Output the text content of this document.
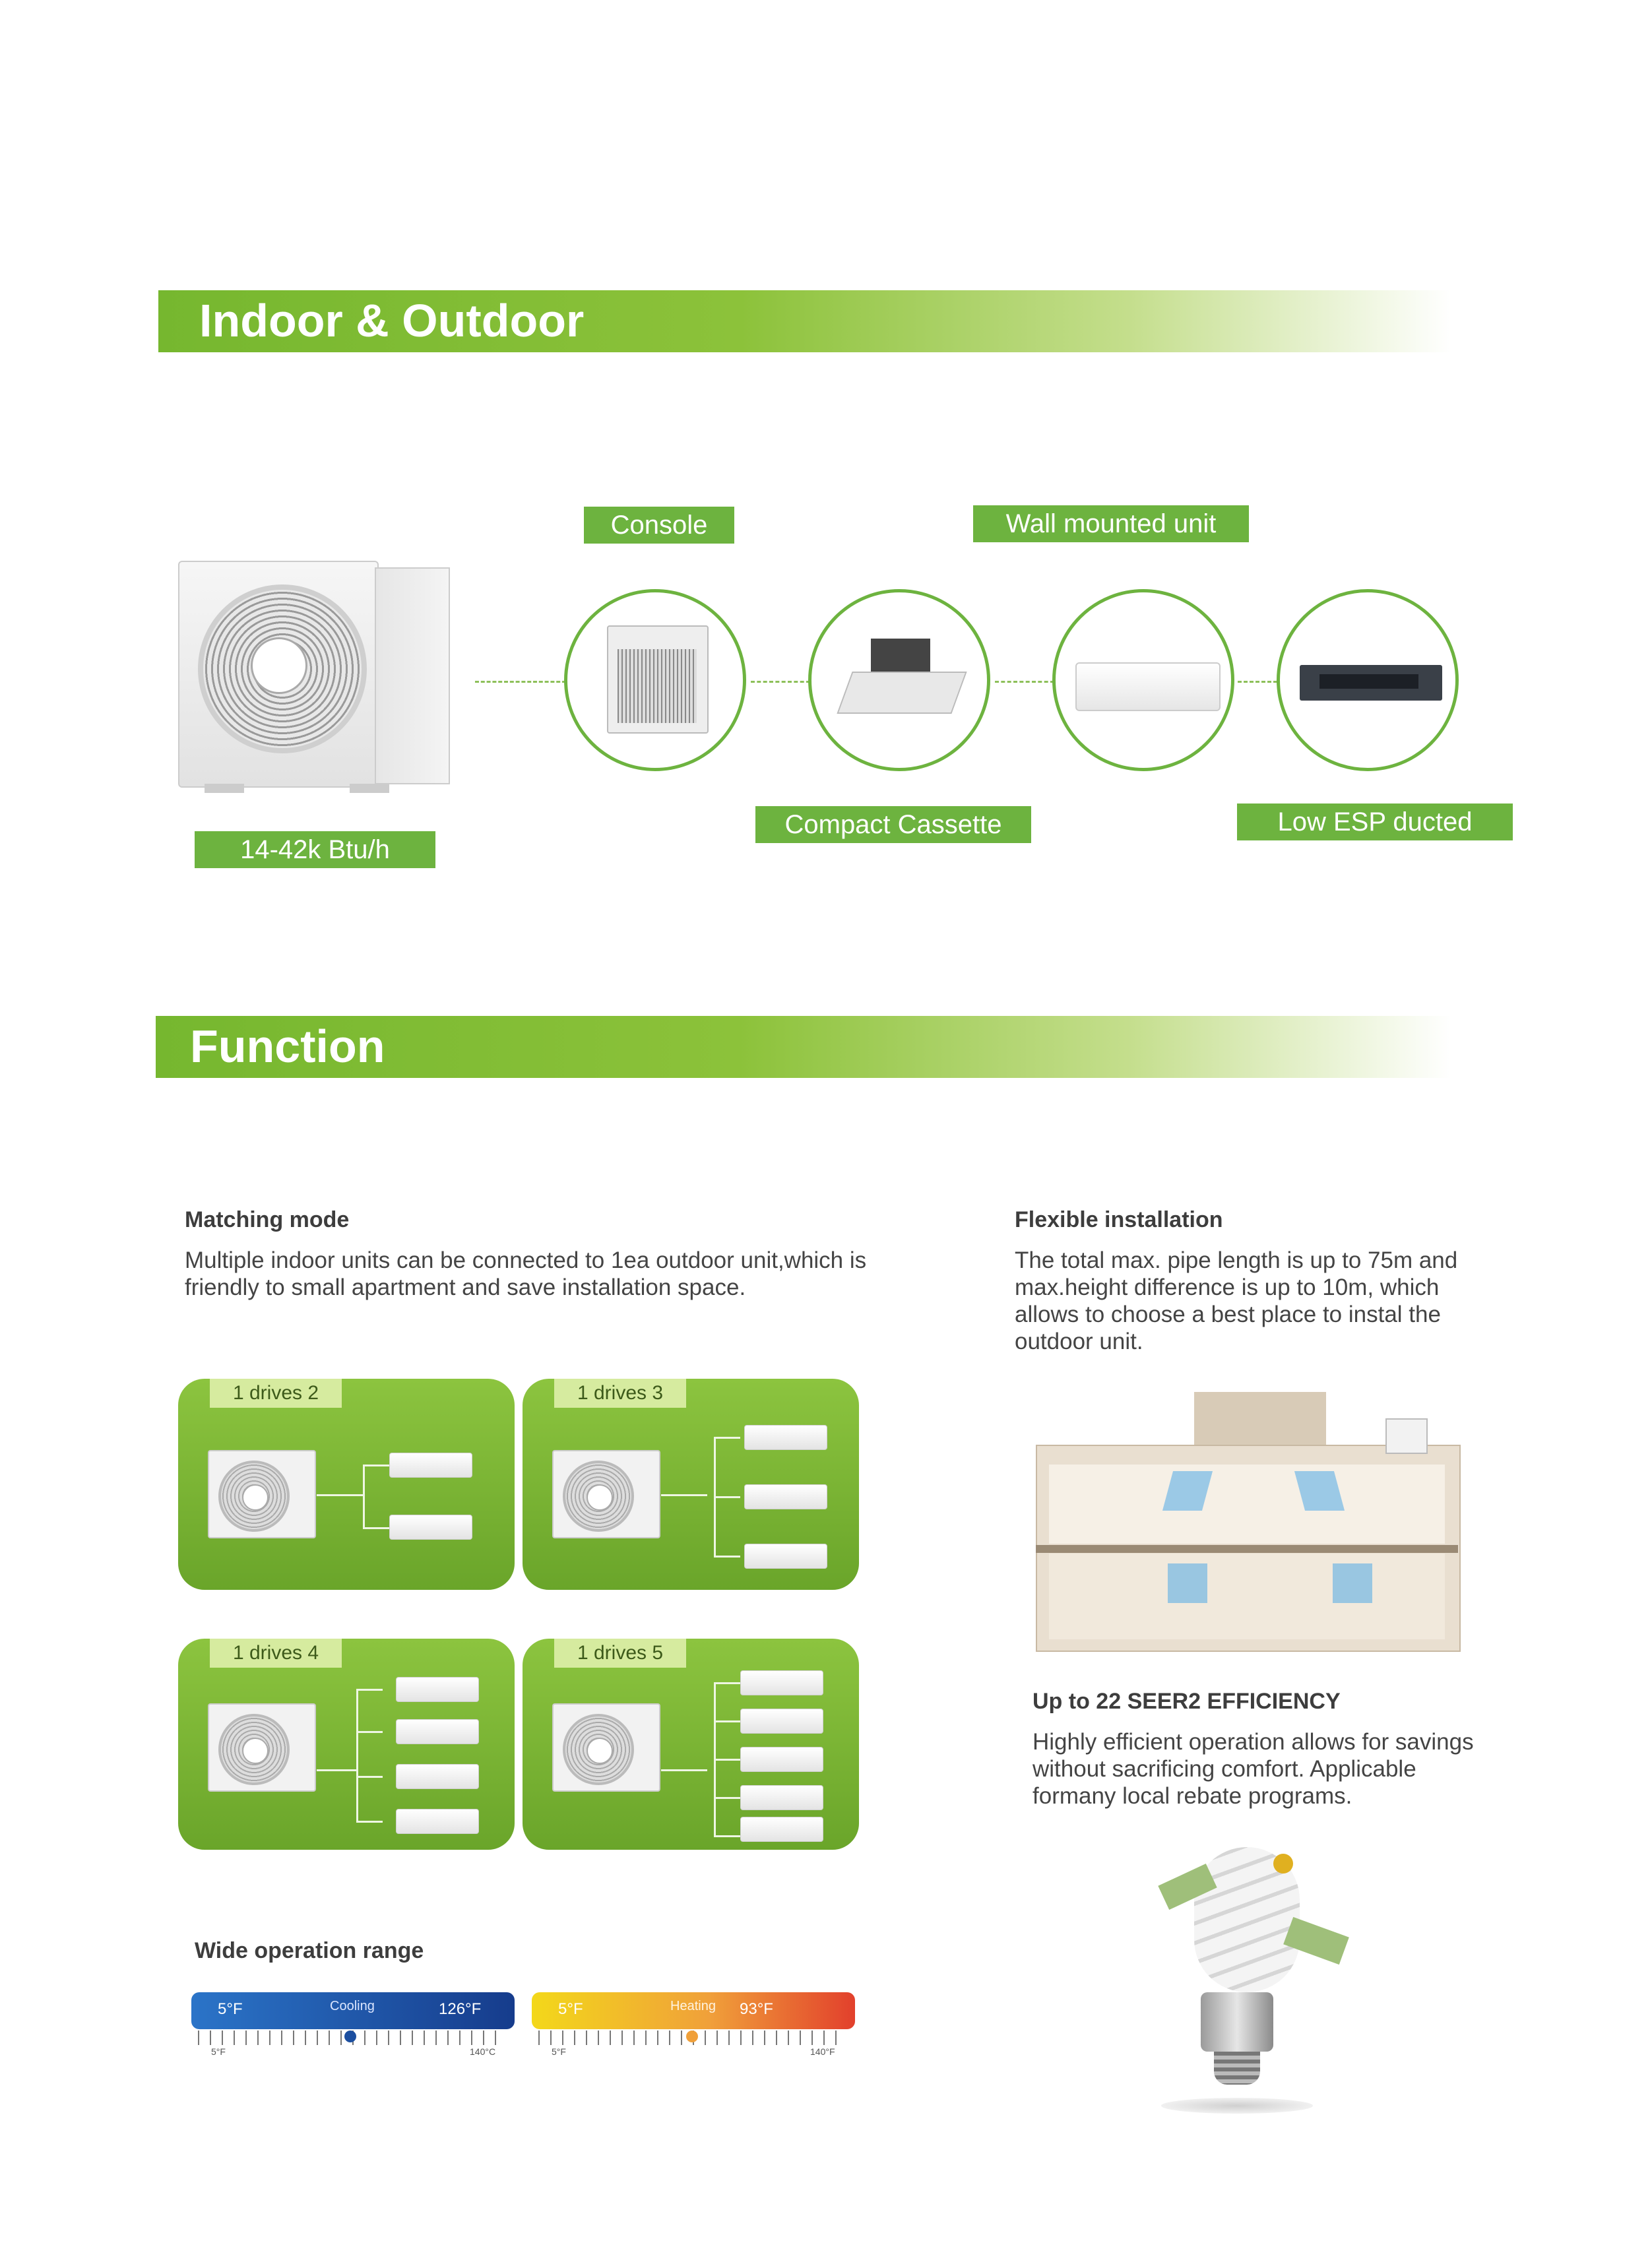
Indoor & Outdoor
14-42k Btu/h
Console	Wall mounted unit
Compact Cassette	Low ESP ducted
Function
Matching mode
Multiple indoor units can be connected to 1ea outdoor unit,which is friendly to small apartment and save installation space.
1 drives 2	1 drives 3
1 drives 4	1 drives 5
Wide operation range
5°F	Cooling	126°F
5°F	140°C
5°F	Heating 93°F
5°F	140°F
Flexible installation
The total max. pipe length is up to 75m and max.height difference is up to 10m, which allows to choose a best place to instal the outdoor unit.
Up to 22 SEER2 EFFICIENCY
Highly efficient operation allows for savings without sacrificing comfort. Applicable formany local rebate programs.
